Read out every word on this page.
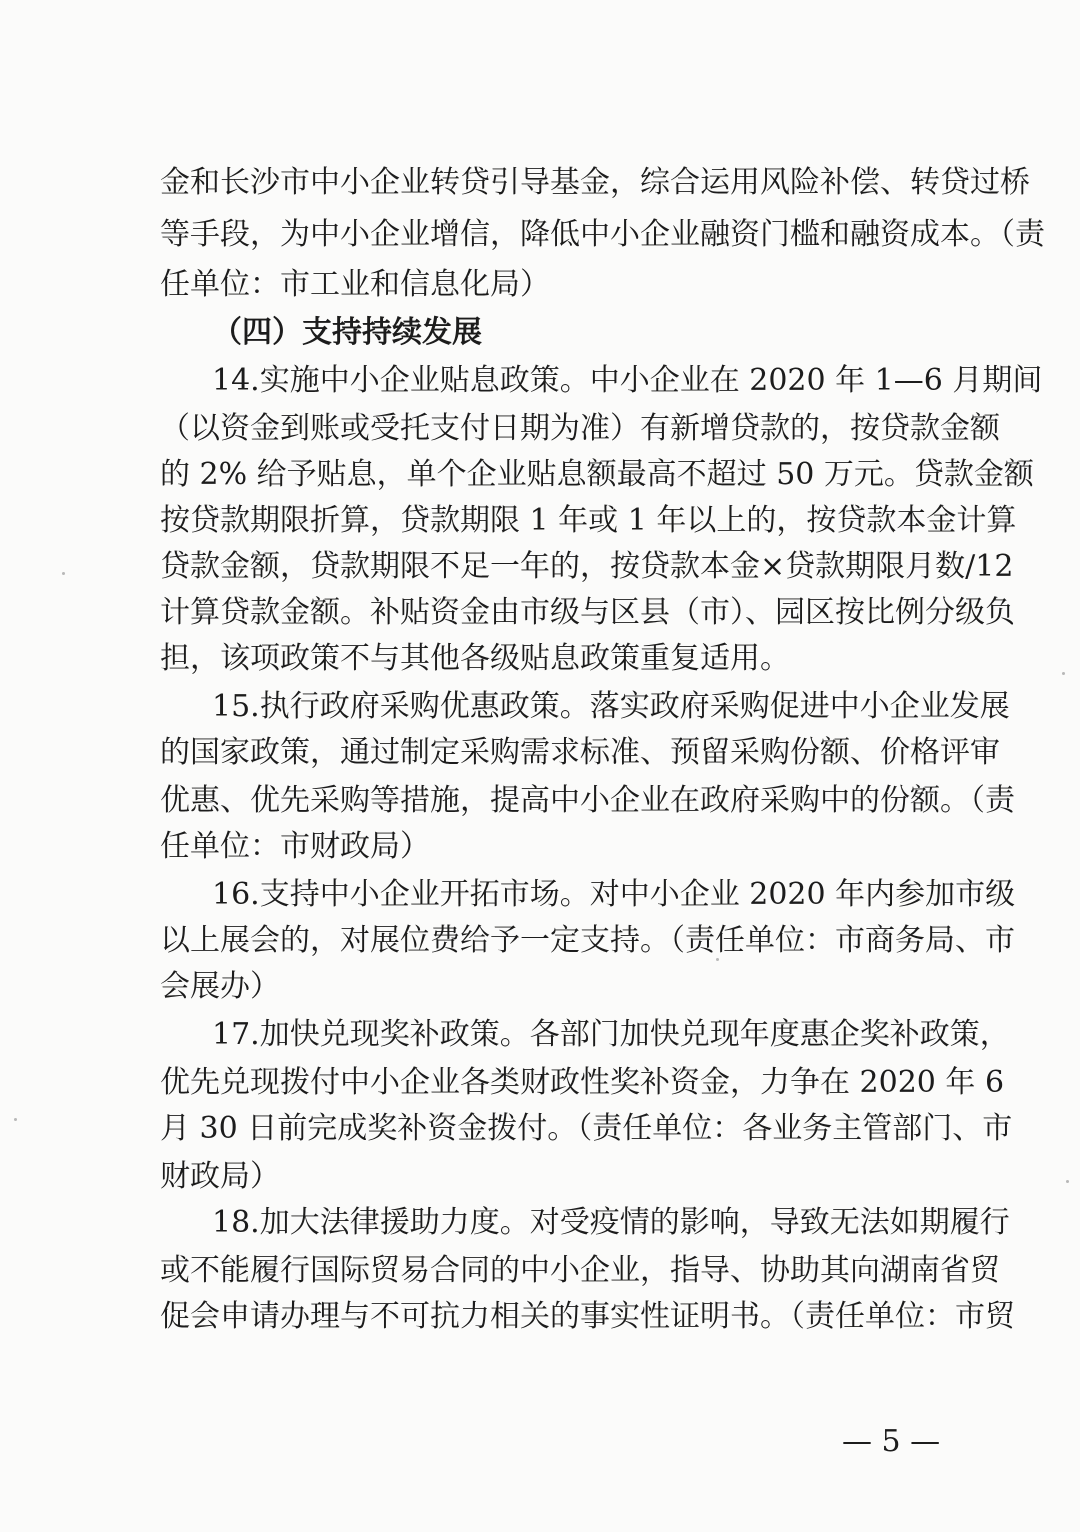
金和长沙市中小企业转贷引导基金，综合运用风险补偿、转贷过桥

等手段，为中小企业增信，降低中小企业融资门槛和融资成本。（责

任单位：市工业和信息化局）

（四）支持持续发展

14.实施中小企业贴息政策。中小企业在 2020 年 1—6 月期间

（以资金到账或受托支付日期为准）有新增贷款的，按贷款金额

的 2% 给予贴息，单个企业贴息额最高不超过 50 万元。贷款金额

按贷款期限折算，贷款期限 1 年或 1 年以上的，按贷款本金计算

贷款金额，贷款期限不足一年的，按贷款本金×贷款期限月数/12

计算贷款金额。补贴资金由市级与区县（市）、园区按比例分级负

担，该项政策不与其他各级贴息政策重复适用。

15.执行政府采购优惠政策。落实政府采购促进中小企业发展

的国家政策，通过制定采购需求标准、预留采购份额、价格评审

优惠、优先采购等措施，提高中小企业在政府采购中的份额。（责

任单位：市财政局）

16.支持中小企业开拓市场。对中小企业 2020 年内参加市级

以上展会的，对展位费给予一定支持。（责任单位：市商务局、市

会展办）

17.加快兑现奖补政策。各部门加快兑现年度惠企奖补政策，

优先兑现拨付中小企业各类财政性奖补资金，力争在 2020 年 6

月 30 日前完成奖补资金拨付。（责任单位：各业务主管部门、市

财政局）

18.加大法律援助力度。对受疫情的影响，导致无法如期履行

或不能履行国际贸易合同的中小企业，指导、协助其向湖南省贸

促会申请办理与不可抗力相关的事实性证明书。（责任单位：市贸

— 5 —
